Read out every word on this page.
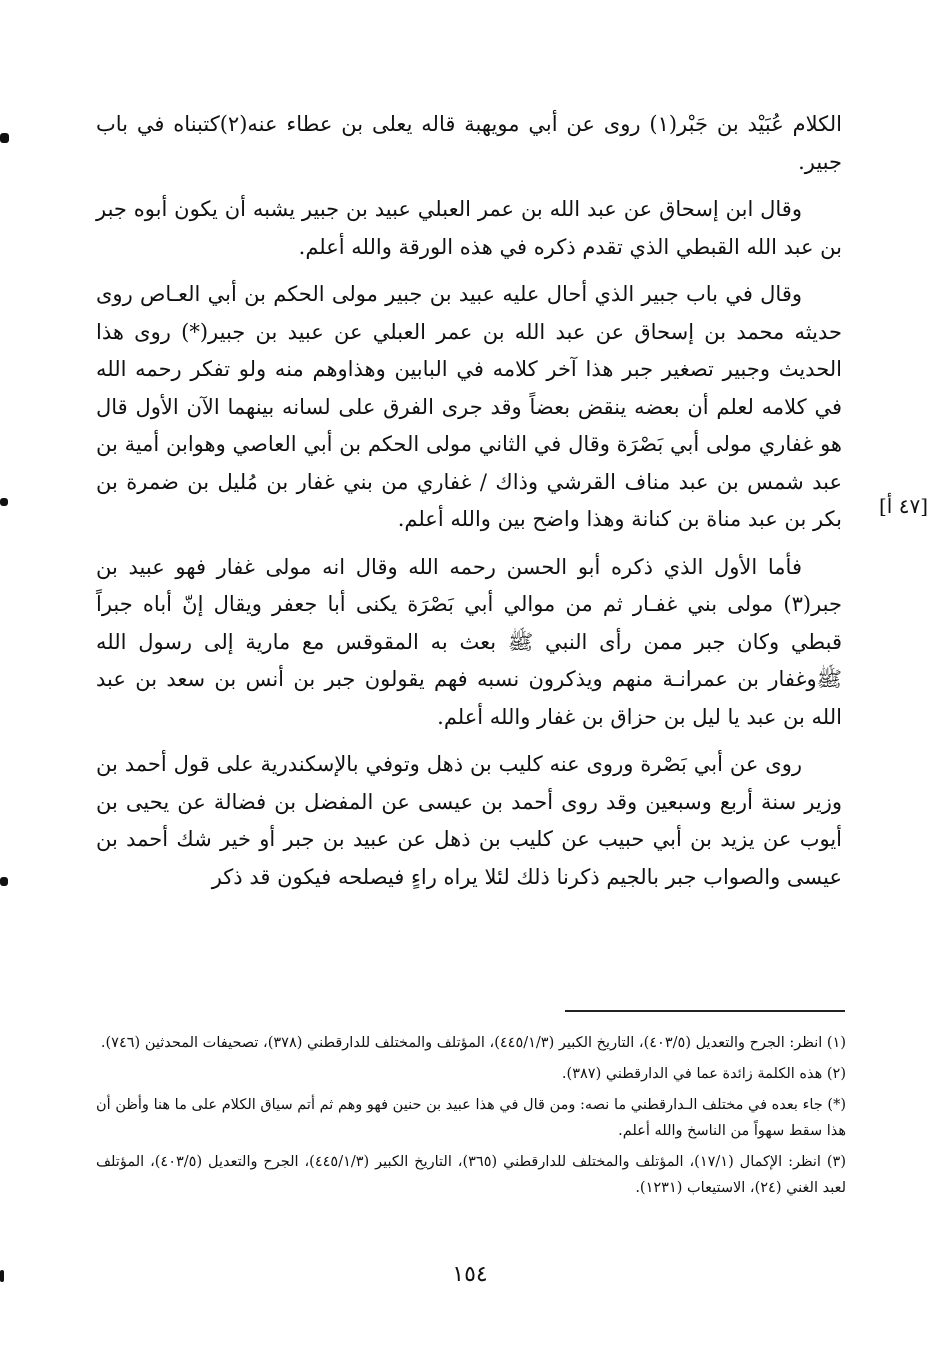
الكلام عُبَيْد بن جَبْر(١) روى عن أبي مويهبة قاله يعلى بن عطاء عنه(٢)كتبناه في باب جبير.

وقال ابن إسحاق عن عبد الله بن عمر العبلي عبيد بن جبير يشبه أن يكون أبوه جبر بن عبد الله القبطي الذي تقدم ذكره في هذه الورقة والله أعلم.

وقال في باب جبير الذي أحال عليه عبيد بن جبير مولى الحكم بن أبي العـاص روى حديثه محمد بن إسحاق عن عبد الله بن عمر العبلي عن عبيد بن جبير(*) روى هذا الحديث وجبير تصغير جبر هذا آخر كلامه في البابين وهذاوهم منه ولو تفكر رحمه الله في كلامه لعلم أن بعضه ينقض بعضاً وقد جرى الفرق على لسانه بينهما الآن الأول قال هو غفاري مولى أبي بَصْرَة وقال في الثاني مولى الحكم بن أبي العاصي وهوابن أمية بن عبد شمس بن عبد مناف القرشي وذاك / غفاري من بني غفار بن مُليل بن ضمرة بن بكر بن عبد مناة بن كنانة وهذا واضح بين والله أعلم.

فأما الأول الذي ذكره أبو الحسن رحمه الله وقال انه مولى غفار فهو عبيد بن جبر(٣) مولى بني غفـار ثم من موالي أبي بَصْرَة يكنى أبا جعفر ويقال إنّ أباه جبراً قبطي وكان جبر ممن رأى النبي ﷺ بعث به المقوقس مع مارية إلى رسول الله ﷺوغفار بن عمرانـة منهم ويذكرون نسبه فهم يقولون جبر بن أنس بن سعد بن عبد الله بن عبد يا ليل بن حزاق بن غفار والله أعلم.

روى عن أبي بَصْرة وروى عنه كليب بن ذهل وتوفي بالإسكندرية على قول أحمد بن وزير سنة أربع وسبعين وقد روى أحمد بن عيسى عن المفضل بن فضالة عن يحيى بن أيوب عن يزيد بن أبي حبيب عن كليب بن ذهل عن عبيد بن جبر أو خير شك أحمد بن عيسى والصواب جبر بالجيم ذكرنا ذلك لئلا يراه راءٍ فيصلحه فيكون قد ذكر

[٤٧ أ]

(١) انظر: الجرح والتعديل (٤٠٣/٥)، التاريخ الكبير (٤٤٥/١/٣)، المؤتلف والمختلف للدارقطني (٣٧٨)، تصحيفات المحدثين (٧٤٦).

(٢) هذه الكلمة زائدة عما في الدارقطني (٣٨٧).

(*) جاء بعده في مختلف الـدارقطني ما نصه: ومن قال في هذا عبيد بن حنين فهو وهم ثم أتم سياق الكلام على ما هنا وأظن أن هذا سقط سهواً من الناسخ والله أعلم.

(٣) انظر: الإكمال (١٧/١)، المؤتلف والمختلف للدارقطني (٣٦٥)، التاريخ الكبير (٤٤٥/١/٣)، الجرح والتعديل (٤٠٣/٥)، المؤتلف لعبد الغني (٢٤)، الاستيعاب (١٢٣١).

١٥٤
